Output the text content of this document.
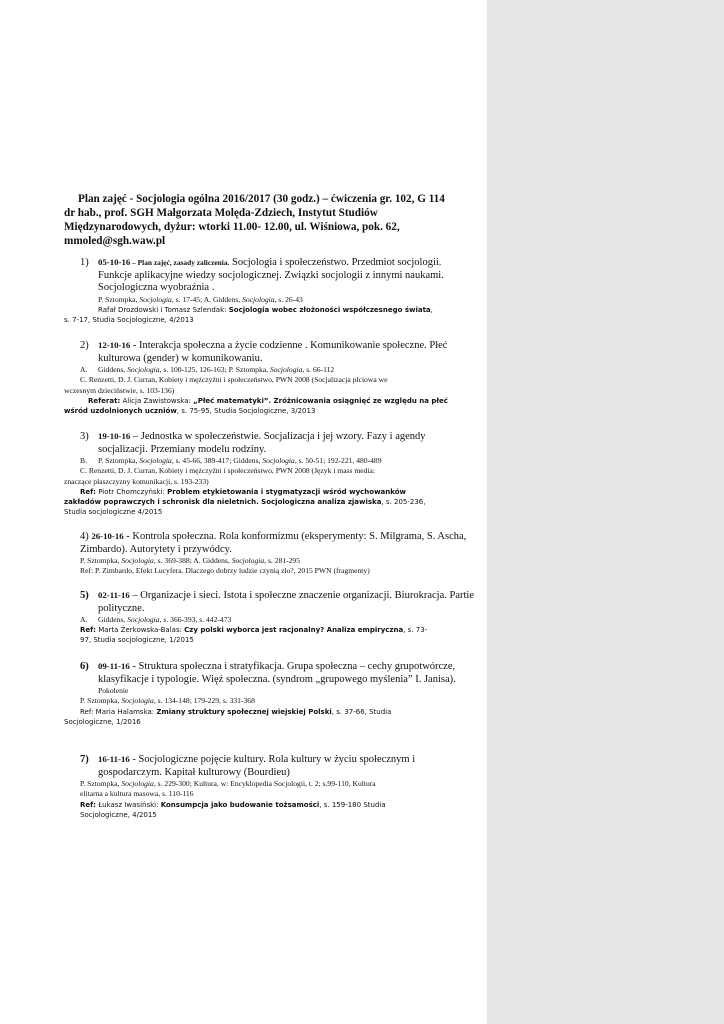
Plan zajęć - Socjologia ogólna 2016/2017 (30 godz.) – ćwiczenia gr. 102, G 114
dr hab., prof. SGH Małgorzata Molęda-Zdziech, Instytut Studiów
Międzynarodowych, dyżur: wtorki 11.00- 12.00, ul. Wiśniowa, pok. 62,
mmoled@sgh.waw.pl
1) 05-10-16 – Plan zajęć, zasady zaliczenia. Socjologia i społeczeństwo. Przedmiot socjologii. Funkcje aplikacyjne wiedzy socjologicznej. Związki socjologii z innymi naukami. Socjologiczna wyobraźnia .
P. Sztompka, Socjologia, s. 17-45; A. Giddens, Socjologia, s. 26-43
Rafał Drozdowski i Tomasz Szlendak: Socjologia wobec złożoności współczesnego świata,
s. 7-17, Studia Socjologiczne, 4/2013
2) 12-10-16 - Interakcja społeczna a życie codzienne . Komunikowanie społeczne. Płeć kulturowa (gender) w komunikowaniu.
A. Giddens, Socjologia, s. 100-125, 126-163; P. Sztompka, Socjologia, s. 66-112
C. Renzetti, D. J. Curran, Kobiety i mężczyźni i społeczeństwo, PWN 2008 (Socjalizacja płciowa we
wczesnym dzieciństwie, s. 103-136)
Referat: Alicja Zawistowska: „Płeć matematyki”. Zróżnicowania osiągnięć ze względu na płeć
wśród uzdolnionych uczniów, s. 75-95, Studia Socjologiczne, 3/2013
3) 19-10-16 – Jednostka w społeczeństwie. Socjalizacja i jej wzory. Fazy i agendy socjalizacji. Przemiany modelu rodziny.
B. P. Sztompka, Socjologia, s. 45-66, 389-417; Giddens, Socjologia, s. 50-51; 192-221, 480-489
C. Renzetti, D. J. Curran, Kobiety i mężczyźni i społeczeństwo, PWN 2008 (Język i mass media:
znaczące płaszczyzny komunikacji, s. 193-233)
Ref: Piotr Chomczyński: Problem etykietowania i stygmatyzacji wśród wychowanków
zakładów poprawczych i schronisk dla nieletnich. Socjologiczna analiza zjawiska, s. 205-236,
Studia socjologiczne 4/2015
4) 26-10-16 - Kontrola społeczna. Rola konformizmu (eksperymenty: S. Milgrama, S. Ascha, Zimbardo). Autorytety i przywódcy.
P. Sztompka, Socjologia, s. 369-388; A. Giddens, Socjologia, s. 281-295
Ref: P. Zimbardo, Efekt Lucyfera. Dlaczego dobrzy ludzie czynią zło?, 2015 PWN (fragmenty)
5) 02-11-16 – Organizacje i sieci. Istota i społeczne znaczenie organizacji. Biurokracja. Partie polityczne.
A. Giddens, Socjologia, s. 366-393, s. 442-473
Ref: Marta Żerkowska-Balas: Czy polski wyborca jest racjonalny? Analiza empiryczna, s. 73-
97, Studia socjologiczne, 1/2015
6) 09-11-16 - Struktura społeczna i stratyfikacja. Grupa społeczna – cechy grupotwórcze, klasyfikacje i typologie. Więź społeczna. (syndrom „grupowego myślenia” I. Janisa).
Pokolenie
P. Sztompka, Socjologia, s. 134-148; 179-229, s. 331-368
Ref: Maria Halamska: Zmiany struktury społecznej wiejskiej Polski, s. 37-66, Studia
Socjologiczne, 1/2016
7) 16-11-16 - Socjologiczne pojęcie kultury. Rola kultury w życiu społecznym i gospodarczym. Kapitał kulturowy (Bourdieu)
P. Sztompka, Socjologia, s. 229-300; Kultura, w: Encyklopedia Socjologii, t. 2; s.99-110, Kultura
elitarna a kultura masowa, s. 110-116
Ref: Łukasz Iwasiński: Konsumpcja jako budowanie tożsamości, s. 159-180 Studia
Socjologiczne, 4/2015
